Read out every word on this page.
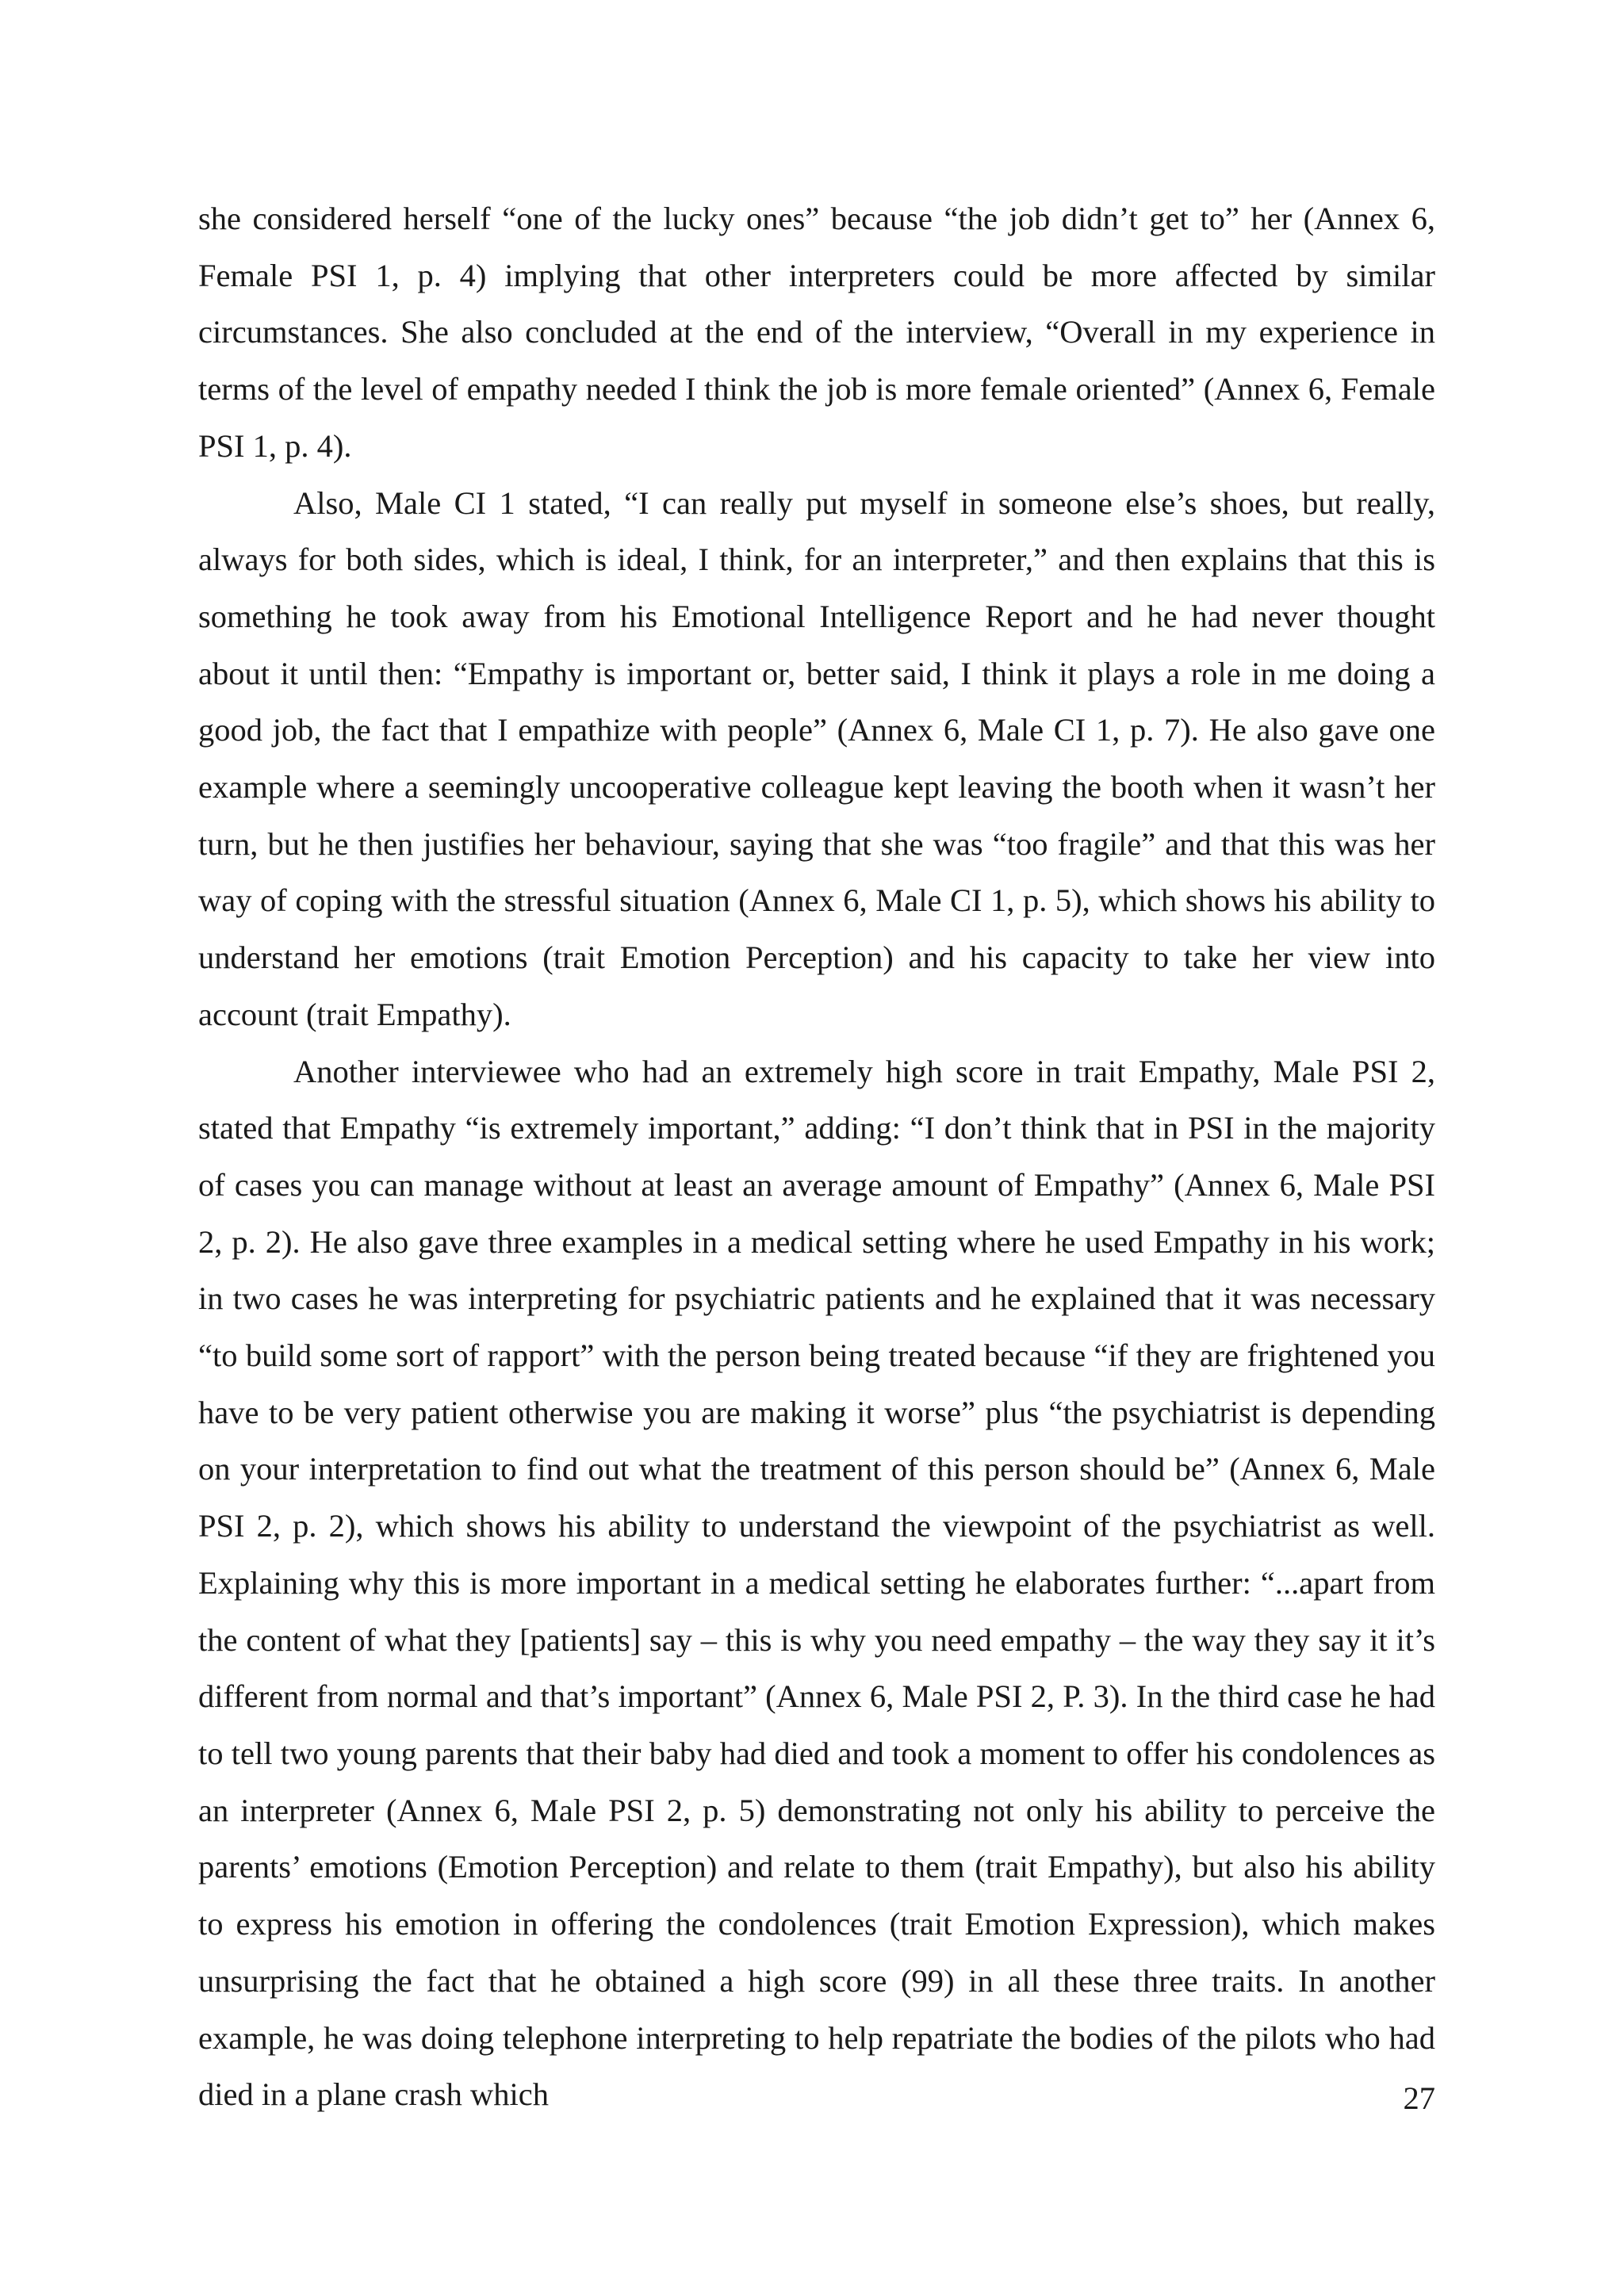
she considered herself “one of the lucky ones” because “the job didn’t get to” her (Annex 6, Female PSI 1, p. 4) implying that other interpreters could be more affected by similar circumstances. She also concluded at the end of the interview, “Overall in my experience in terms of the level of empathy needed I think the job is more female oriented” (Annex 6, Female PSI 1, p. 4).

Also, Male CI 1 stated, “I can really put myself in someone else’s shoes, but really, always for both sides, which is ideal, I think, for an interpreter,” and then explains that this is something he took away from his Emotional Intelligence Report and he had never thought about it until then: “Empathy is important or, better said, I think it plays a role in me doing a good job, the fact that I empathize with people” (Annex 6, Male CI 1, p. 7). He also gave one example where a seemingly uncooperative colleague kept leaving the booth when it wasn’t her turn, but he then justifies her behaviour, saying that she was “too fragile” and that this was her way of coping with the stressful situation (Annex 6, Male CI 1, p. 5), which shows his ability to understand her emotions (trait Emotion Perception) and his capacity to take her view into account (trait Empathy).

Another interviewee who had an extremely high score in trait Empathy, Male PSI 2, stated that Empathy “is extremely important,” adding: “I don’t think that in PSI in the majority of cases you can manage without at least an average amount of Empathy” (Annex 6, Male PSI 2, p. 2). He also gave three examples in a medical setting where he used Empathy in his work; in two cases he was interpreting for psychiatric patients and he explained that it was necessary “to build some sort of rapport” with the person being treated because “if they are frightened you have to be very patient otherwise you are making it worse” plus “the psychiatrist is depending on your interpretation to find out what the treatment of this person should be” (Annex 6, Male PSI 2, p. 2), which shows his ability to understand the viewpoint of the psychiatrist as well. Explaining why this is more important in a medical setting he elaborates further: “...apart from the content of what they [patients] say – this is why you need empathy – the way they say it it’s different from normal and that’s important” (Annex 6, Male PSI 2, P. 3). In the third case he had to tell two young parents that their baby had died and took a moment to offer his condolences as an interpreter (Annex 6, Male PSI 2, p. 5) demonstrating not only his ability to perceive the parents’ emotions (Emotion Perception) and relate to them (trait Empathy), but also his ability to express his emotion in offering the condolences (trait Emotion Expression), which makes unsurprising the fact that he obtained a high score (99) in all these three traits. In another example, he was doing telephone interpreting to help repatriate the bodies of the pilots who had died in a plane crash which	27
